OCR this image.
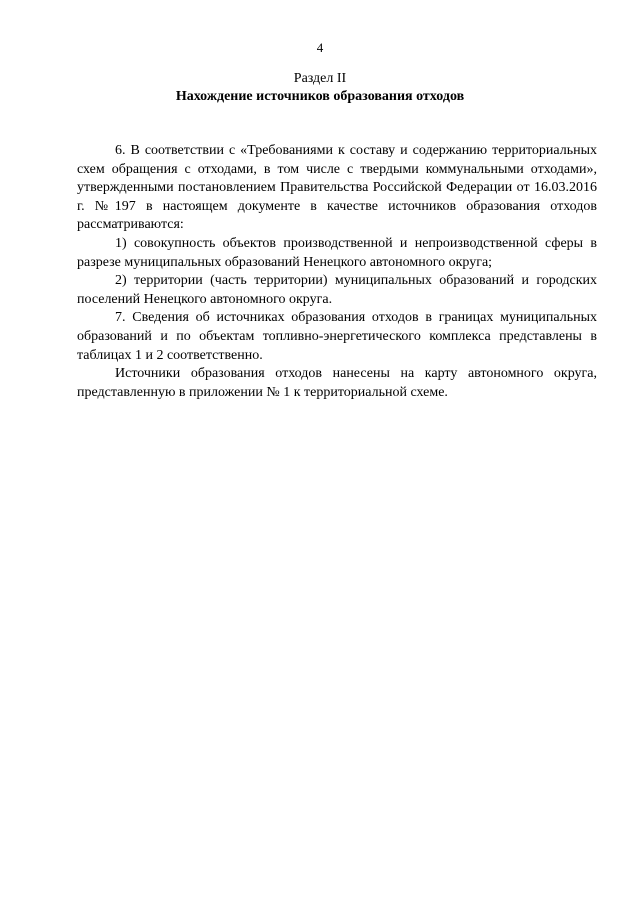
4
Раздел II
Нахождение источников образования отходов

6. В соответствии с «Требованиями к составу и содержанию территориальных схем обращения с отходами, в том числе с твердыми коммунальными отходами», утвержденными постановлением Правительства Российской Федерации от 16.03.2016 г. №197 в настоящем документе в качестве источников образования отходов рассматриваются:

1) совокупность объектов производственной и непроизводственной сферы в разрезе муниципальных образований Ненецкого автономного округа;

2) территории (часть территории) муниципальных образований и городских поселений Ненецкого автономного округа.

7. Сведения об источниках образования отходов в границах муниципальных образований и по объектам топливно-энергетического комплекса представлены в таблицах 1 и 2 соответственно.

Источники образования отходов нанесены на карту автономного округа, представленную в приложении № 1 к территориальной схеме.
